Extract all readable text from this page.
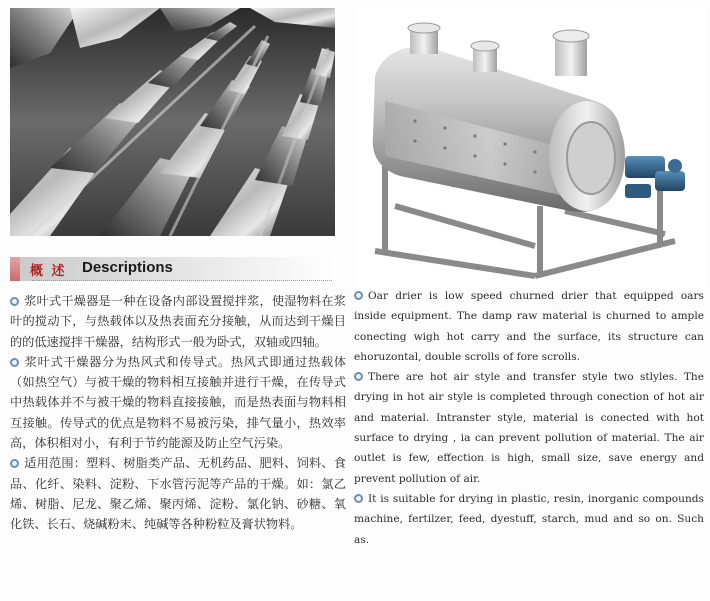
概 述 Descriptions

浆叶式干燥器是一种在设备内部设置搅拌浆，使湿物料在浆叶的搅动下，与热载体以及热表面充分接触，从而达到干燥目的的低速搅拌干燥器，结构形式一般为卧式，双轴或四轴。

浆叶式干燥器分为热风式和传导式。热风式即通过热载体（如热空气）与被干燥的物料相互接触并进行干燥，在传导式中热载体并不与被干燥的物料直接接触，而是热表面与物料相互接触。传导式的优点是物料不易被污染，排气量小，热效率高，体积相对小，有利于节约能源及防止空气污染。

适用范围：塑料、树脂类产品、无机药品、肥料、饲料、食品、化纤、染料、淀粉、下水管污泥等产品的干燥。如：氯乙烯、树脂、尼龙、聚乙烯、聚丙烯、淀粉、氯化钠、砂糖、氧化铁、长石、烧碱粉末、纯碱等各种粉粒及膏状物料。

Oar drier is low speed churned drier that equipped oars inside equipment. The damp raw material is churned to ample conecting wigh hot carry and the surface, its structure can ehoruzontal, double scrolls of fore scrolls.

There are hot air style and transfer style two stlyles. The drying in hot air style is completed through conection of hot air and material. Intranster style, material is conected with hot surface to drying , ia can prevent pollution of material. The air outlet is few, effection is high, small size, save energy and prevent pollution of air.

It is suitable for drying in plastic, resin, inorganic compounds machine, fertilzer, feed, dyestuff, starch, mud and so on. Such as.
